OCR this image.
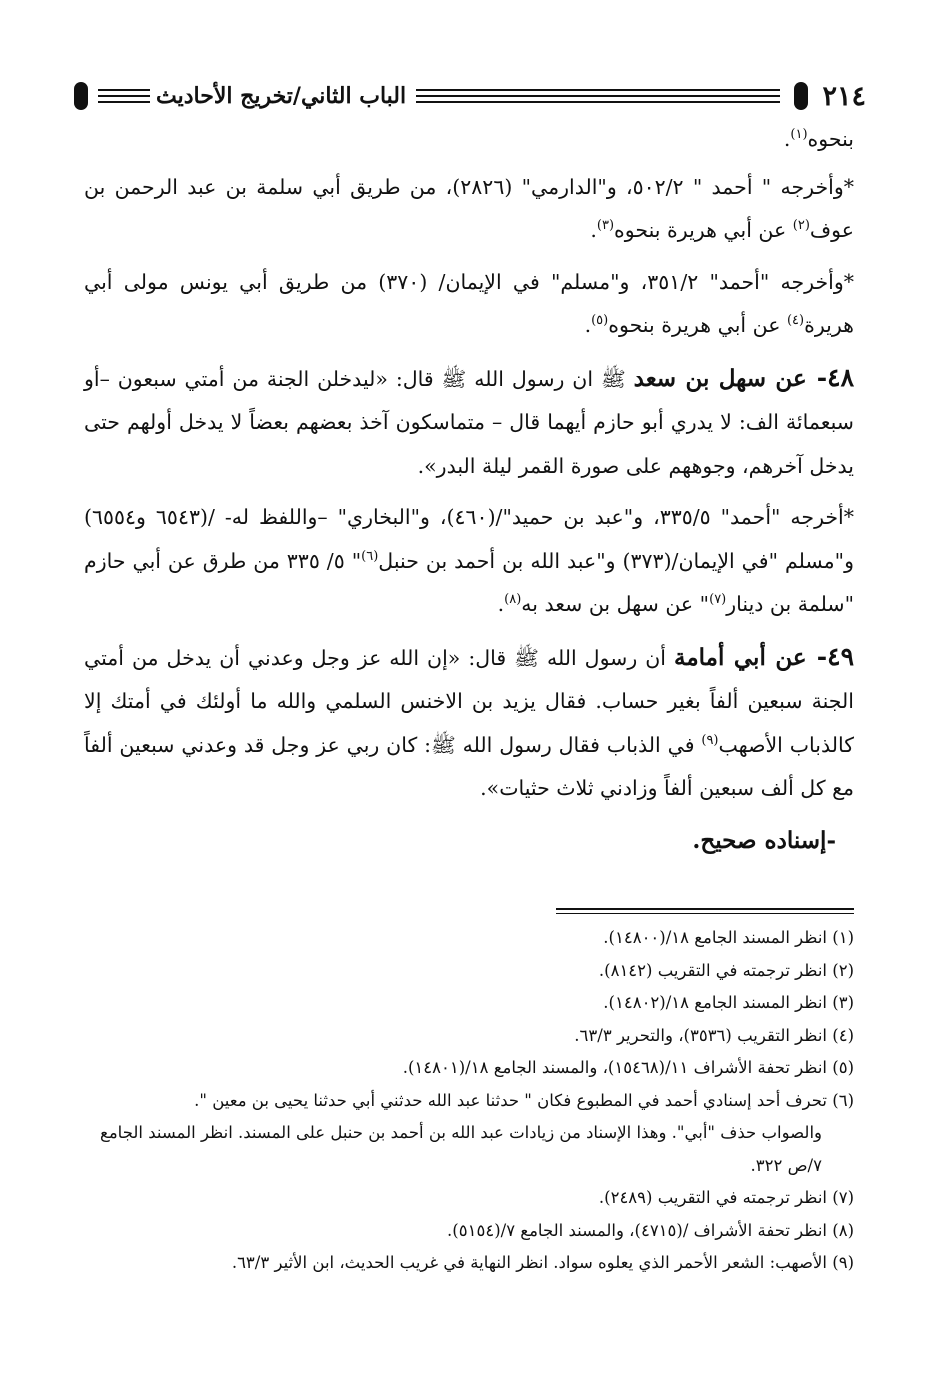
٢١٤
الباب الثاني/تخريج الأحاديث

بنحوه$^{(١)}$.

*وأخرجه " أحمد " ٥٠٢/٢، و"الدارمي" (٢٨٢٦)، من طريق أبي سلمة بن عبد الرحمن بن عوف$^{(٢)}$ عن أبي هريرة بنحوه$^{(٣)}$.

*وأخرجه "أحمد" ٣٥١/٢، و"مسلم" في الإيمان/ (٣٧٠) من طريق أبي يونس مولى أبي هريرة$^{(٤)}$ عن أبي هريرة بنحوه$^{(٥)}$.

٤٨- عن سهل بن سعد ﷺ ان رسول الله ﷺ قال: «ليدخلن الجنة من أمتي سبعون –أو سبعمائة الف: لا يدري أبو حازم أيهما قال – متماسكون آخذ بعضهم بعضاً لا يدخل أولهم حتى يدخل آخرهم، وجوههم على صورة القمر ليلة البدر».

*أخرجه "أحمد" ٣٣٥/٥، و"عبد بن حميد"/(٤٦٠)، و"البخاري" –واللفظ له- /(٦٥٤٣ و٦٥٥٤) و"مسلم "في الإيمان/(٣٧٣) و"عبد الله بن أحمد بن حنبل$^{(٦)}$" ٥/ ٣٣٥ من طرق عن أبي حازم "سلمة بن دينار$^{(٧)}$" عن سهل بن سعد به$^{(٨)}$.

٤٩- عن أبي أمامة أن رسول الله ﷺ قال: «إن الله عز وجل وعدني أن يدخل من أمتي الجنة سبعين ألفاً بغير حساب. فقال يزيد بن الاخنس السلمي والله ما أولئك في أمتك إلا كالذباب الأصهب$^{(٩)}$ في الذباب فقال رسول الله ﷺ: كان ربي عز وجل قد وعدني سبعين ألفاً مع كل ألف سبعين ألفاً وزادني ثلاث حثيات».

-إسناده صحيح.

(١) انظر المسند الجامع ١٨/(١٤٨٠٠).

(٢) انظر ترجمته في التقريب (٨١٤٢).

(٣) انظر المسند الجامع ١٨/(١٤٨٠٢).

(٤) انظر التقريب (٣٥٣٦)، والتحرير ٦٣/٣.

(٥) انظر تحفة الأشراف ١١/(١٥٤٦٨)، والمسند الجامع ١٨/(١٤٨٠١).

(٦) تحرف أحد إسنادي أحمد في المطبوع فكان " حدثنا عبد الله حدثني أبي حدثنا يحيى بن معين ".

والصواب حذف "أبي". وهذا الإسناد من زيادات عبد الله بن أحمد بن حنبل على المسند. انظر المسند الجامع ٧/ص ٣٢٢.

(٧) انظر ترجمته في التقريب (٢٤٨٩).

(٨) انظر تحفة الأشراف /(٤٧١٥)، والمسند الجامع ٧/(٥١٥٤).

(٩) الأصهب: الشعر الأحمر الذي يعلوه سواد. انظر النهاية في غريب الحديث، ابن الأثير ٦٣/٣.
